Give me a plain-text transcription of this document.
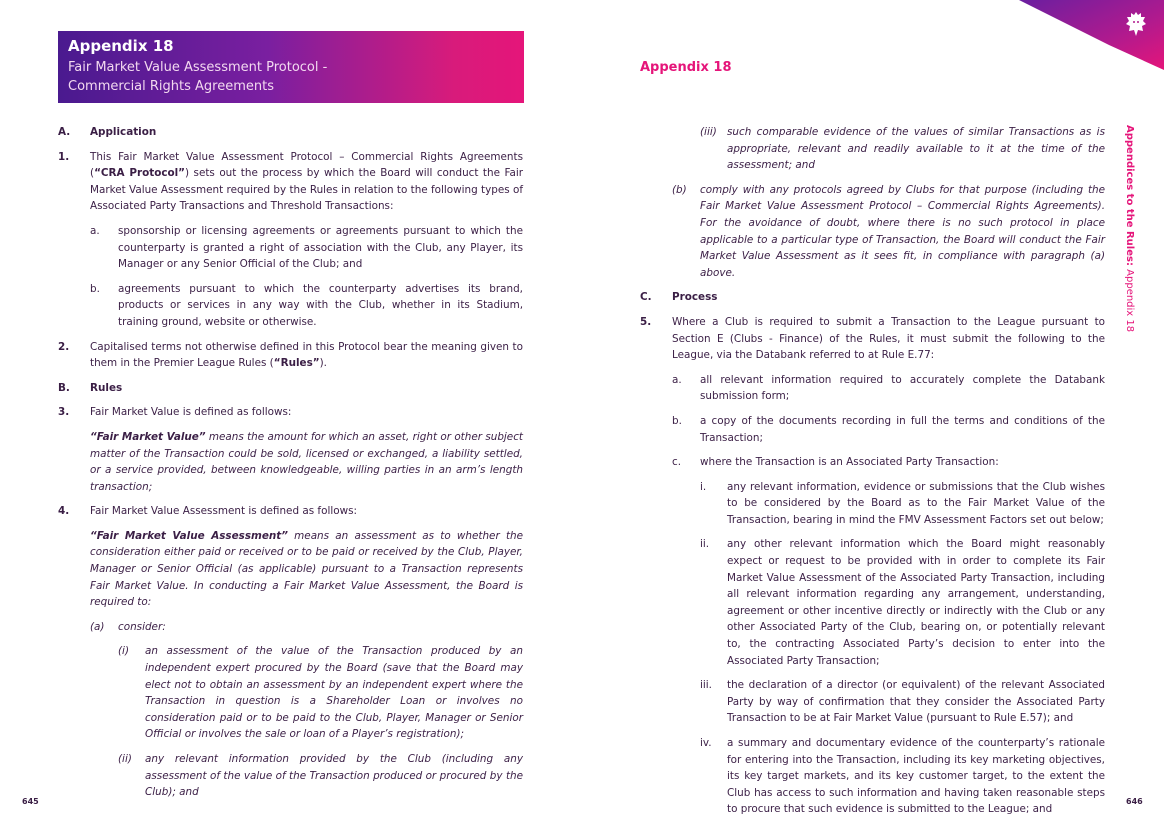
Appendix 18
Fair Market Value Assessment Protocol - Commercial Rights Agreements
A. Application
1. This Fair Market Value Assessment Protocol – Commercial Rights Agreements (“CRA Protocol”) sets out the process by which the Board will conduct the Fair Market Value Assessment required by the Rules in relation to the following types of Associated Party Transactions and Threshold Transactions:
a. sponsorship or licensing agreements or agreements pursuant to which the counterparty is granted a right of association with the Club, any Player, its Manager or any Senior Official of the Club; and
b. agreements pursuant to which the counterparty advertises its brand, products or services in any way with the Club, whether in its Stadium, training ground, website or otherwise.
2. Capitalised terms not otherwise defined in this Protocol bear the meaning given to them in the Premier League Rules (“Rules”).
B. Rules
3. Fair Market Value is defined as follows:
“Fair Market Value” means the amount for which an asset, right or other subject matter of the Transaction could be sold, licensed or exchanged, a liability settled, or a service provided, between knowledgeable, willing parties in an arm’s length transaction;
4. Fair Market Value Assessment is defined as follows:
“Fair Market Value Assessment” means an assessment as to whether the consideration either paid or received or to be paid or received by the Club, Player, Manager or Senior Official (as applicable) pursuant to a Transaction represents Fair Market Value. In conducting a Fair Market Value Assessment, the Board is required to:
(a) consider:
(i) an assessment of the value of the Transaction produced by an independent expert procured by the Board (save that the Board may elect not to obtain an assessment by an independent expert where the Transaction in question is a Shareholder Loan or involves no consideration paid or to be paid to the Club, Player, Manager or Senior Official or involves the sale or loan of a Player’s registration);
(ii) any relevant information provided by the Club (including any assessment of the value of the Transaction produced or procured by the Club); and
645
Appendix 18
(iii) such comparable evidence of the values of similar Transactions as is appropriate, relevant and readily available to it at the time of the assessment; and
(b) comply with any protocols agreed by Clubs for that purpose (including the Fair Market Value Assessment Protocol – Commercial Rights Agreements). For the avoidance of doubt, where there is no such protocol in place applicable to a particular type of Transaction, the Board will conduct the Fair Market Value Assessment as it sees fit, in compliance with paragraph (a) above.
C. Process
5. Where a Club is required to submit a Transaction to the League pursuant to Section E (Clubs - Finance) of the Rules, it must submit the following to the League, via the Databank referred to at Rule E.77:
a. all relevant information required to accurately complete the Databank submission form;
b. a copy of the documents recording in full the terms and conditions of the Transaction;
c. where the Transaction is an Associated Party Transaction:
i. any relevant information, evidence or submissions that the Club wishes to be considered by the Board as to the Fair Market Value of the Transaction, bearing in mind the FMV Assessment Factors set out below;
ii. any other relevant information which the Board might reasonably expect or request to be provided with in order to complete its Fair Market Value Assessment of the Associated Party Transaction, including all relevant information regarding any arrangement, understanding, agreement or other incentive directly or indirectly with the Club or any other Associated Party of the Club, bearing on, or potentially relevant to, the contracting Associated Party’s decision to enter into the Associated Party Transaction;
iii. the declaration of a director (or equivalent) of the relevant Associated Party by way of confirmation that they consider the Associated Party Transaction to be at Fair Market Value (pursuant to Rule E.57); and
iv. a summary and documentary evidence of the counterparty’s rationale for entering into the Transaction, including its key marketing objectives, its key target markets, and its key customer target, to the extent the Club has access to such information and having taken reasonable steps to procure that such evidence is submitted to the League; and
646
Appendices to the Rules: Appendix 18
